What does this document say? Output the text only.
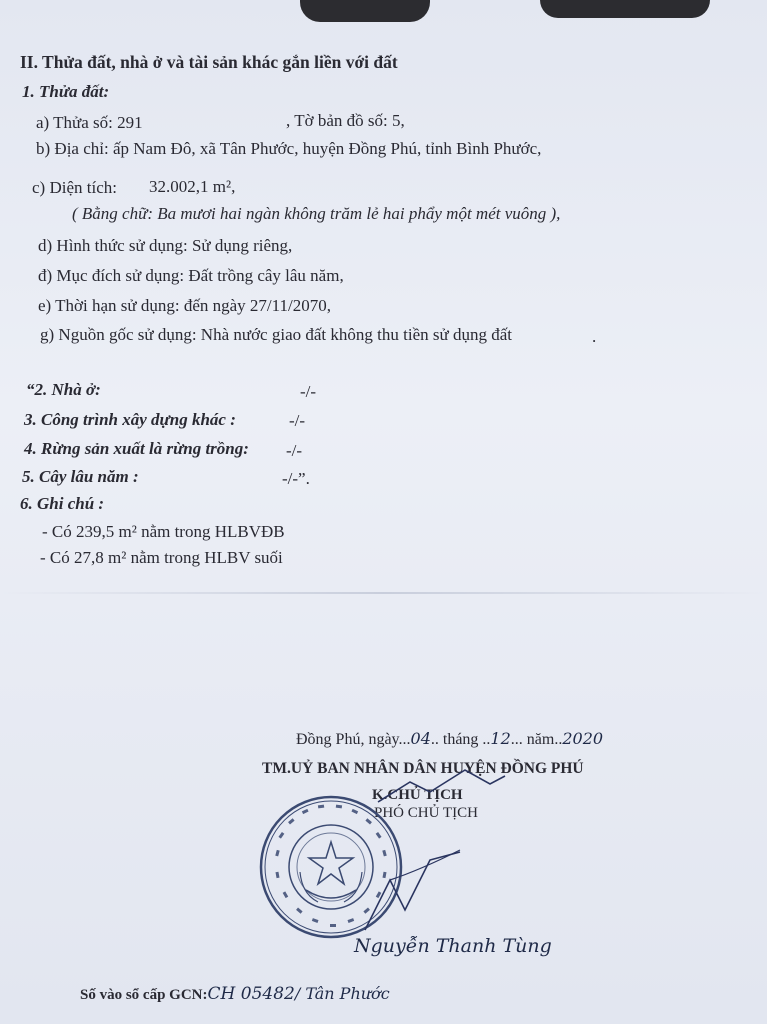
II. Thửa đất, nhà ở và tài sản khác gắn liền với đất
1. Thửa đất:
a) Thửa số: 291	, Tờ bản đồ số: 5,
b) Địa chỉ: ấp Nam Đô, xã Tân Phước, huyện Đồng Phú, tỉnh Bình Phước,
c) Diện tích: 32.002,1 m²,
( Bằng chữ: Ba mươi hai ngàn không trăm lẻ hai phẩy một mét vuông ),
d) Hình thức sử dụng: Sử dụng riêng,
đ) Mục đích sử dụng: Đất trồng cây lâu năm,
e) Thời hạn sử dụng: đến ngày 27/11/2070,
g) Nguồn gốc sử dụng: Nhà nước giao đất không thu tiền sử dụng đất	.
“2. Nhà ở:	-/-
3. Công trình xây dựng khác :	-/-
4. Rừng sản xuất là rừng trồng: -/-
5. Cây lâu năm :	-/-”.
6. Ghi chú :
- Có 239,5 m² nằm trong HLBVĐB
- Có 27,8 m² nằm trong HLBV suối
Đồng Phú, ngày...04.. tháng ..12... năm..2020
TM.UỶ BAN NHÂN DÂN HUYỆN ĐỒNG PHÚ
K.CHỦ TỊCH
PHÓ CHỦ TỊCH
Nguyễn Thanh Tùng
Số vào sổ cấp GCN:CH 05482/ Tân Phước
